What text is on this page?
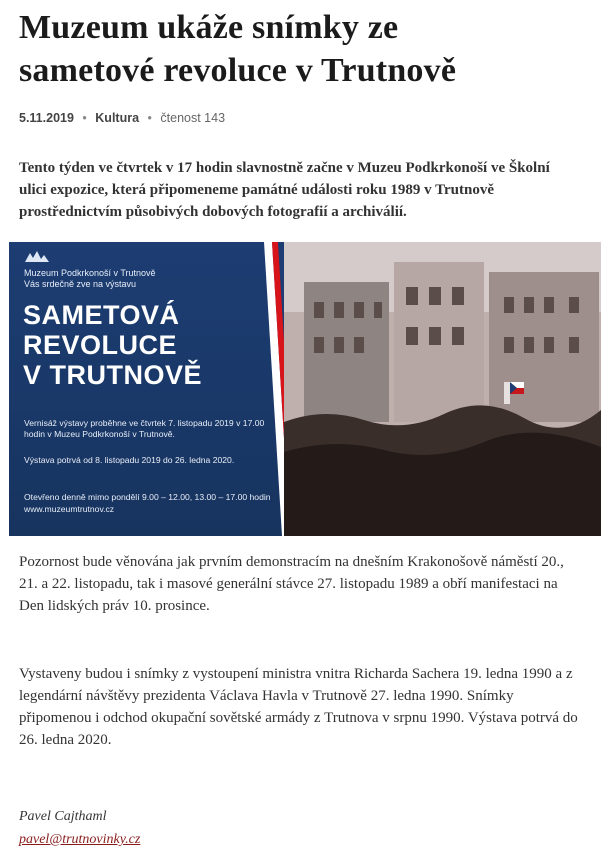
Muzeum ukáže snímky ze
sametové revoluce v Trutnově
5.11.2019 • Kultura • čtenost 143

Tento týden ve čtvrtek v 17 hodin slavnostně začne v Muzeu Podkrkonoší ve Školní ulici expozice, která připomeneme památné události roku 1989 v Trutnově prostřednictvím působivých dobových fotografií a archiválií.

Muzeum Podkrkonoší v Trutnově
Vás srdečně zve na výstavu
SAMETOVÁ
REVOLUCE
V TRUTNOVĚ
Vernisáž výstavy proběhne ve čtvrtek 7. listopadu 2019 v 17.00 hodin v Muzeu Podkrkonoší v Trutnově.
Výstava potrvá od 8. listopadu 2019 do 26. ledna 2020.
Otevřeno denně mimo pondělí 9.00 – 12.00, 13.00 – 17.00 hodin
www.muzeumtrutnov.cz

Pozornost bude věnována jak prvním demonstracím na dnešním Krakonošově náměstí 20., 21. a 22. listopadu, tak i masové generální stávce 27. listopadu 1989 a obří manifestaci na Den lidských práv 10. prosince.

Vystaveny budou i snímky z vystoupení ministra vnitra Richarda Sachera 19. ledna 1990 a z legendární návštěvy prezidenta Václava Havla v Trutnově 27. ledna 1990. Snímky připomenou i odchod okupační sovětské armády z Trutnova v srpnu 1990. Výstava potrvá do 26. ledna 2020.

Pavel Cajthaml
pavel@trutnovinky.cz
